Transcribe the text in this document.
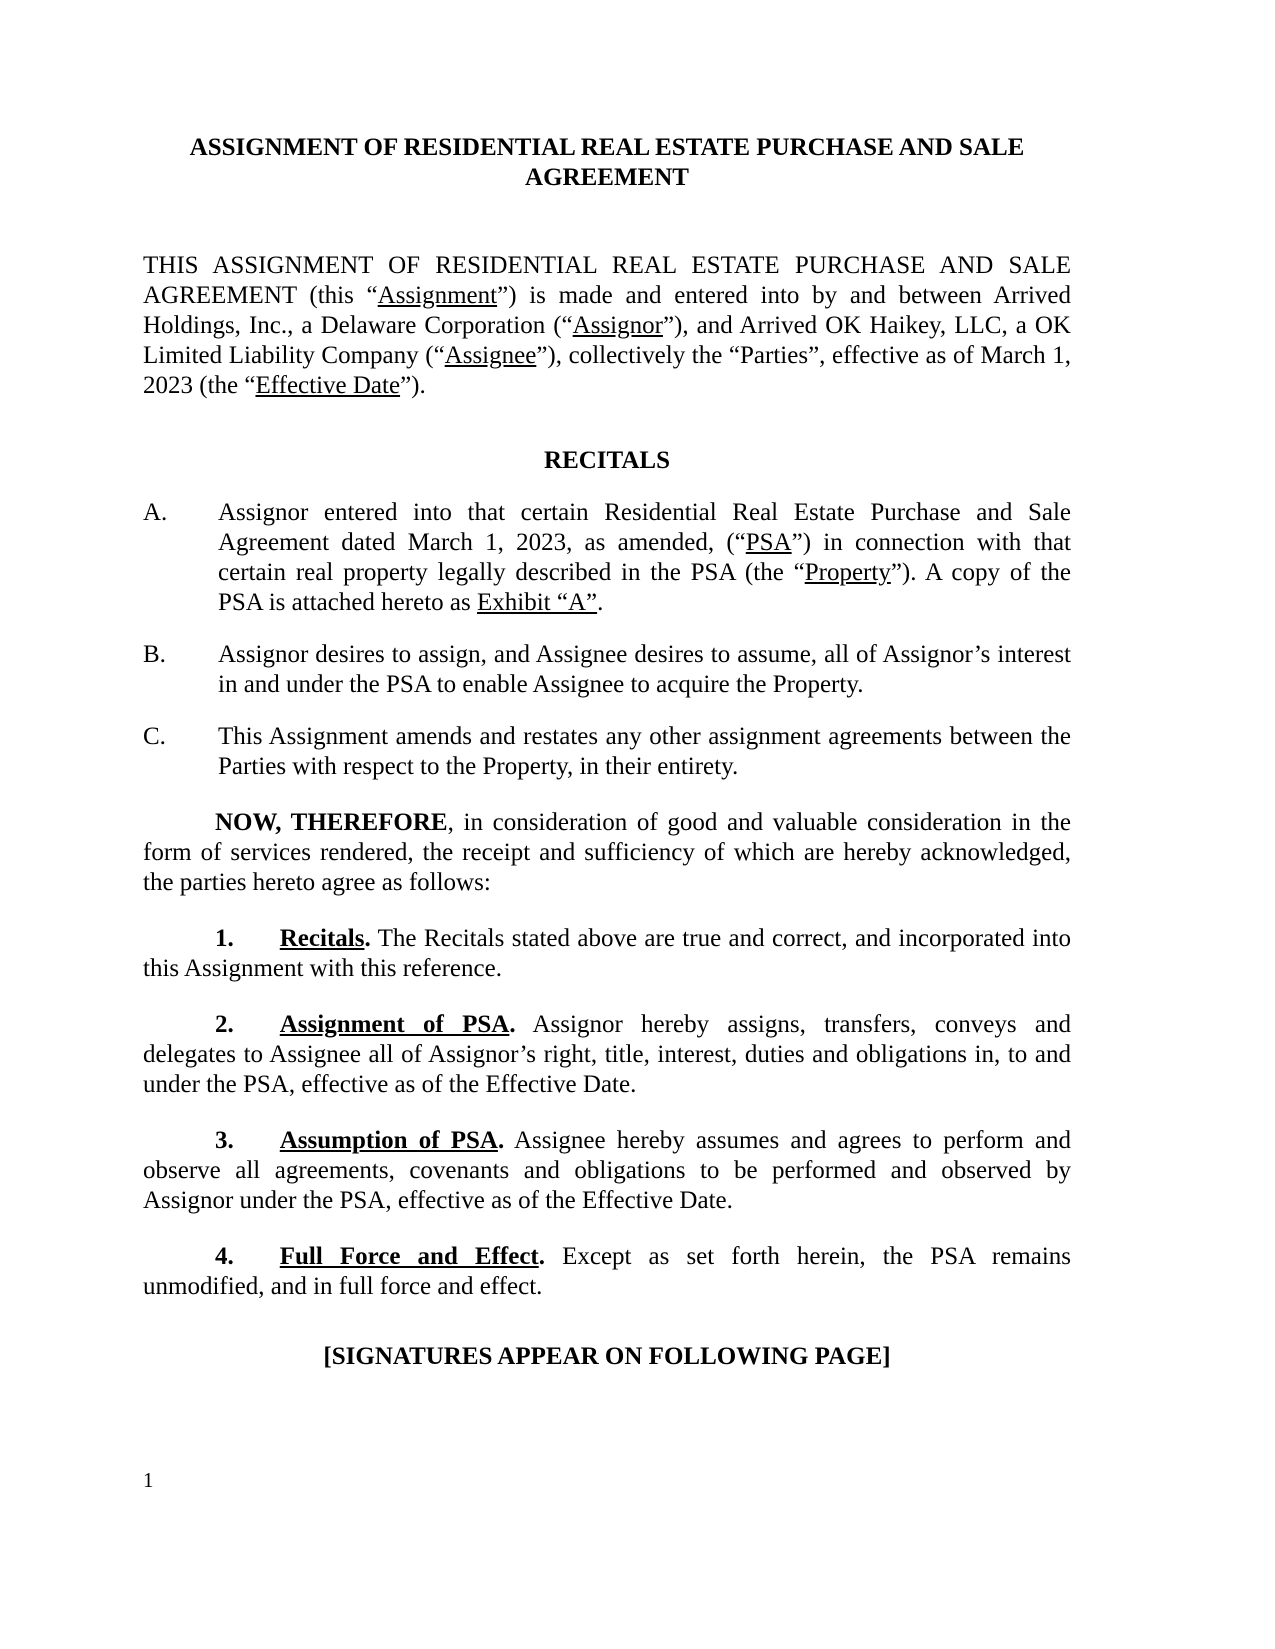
ASSIGNMENT OF RESIDENTIAL REAL ESTATE PURCHASE AND SALE AGREEMENT

THIS ASSIGNMENT OF RESIDENTIAL REAL ESTATE PURCHASE AND SALE AGREEMENT (this “Assignment”) is made and entered into by and between Arrived Holdings, Inc., a Delaware Corporation (“Assignor”), and Arrived OK Haikey, LLC, a OK Limited Liability Company (“Assignee”), collectively the “Parties”, effective as of March 1, 2023 (the “Effective Date”).

RECITALS

A. Assignor entered into that certain Residential Real Estate Purchase and Sale Agreement dated March 1, 2023, as amended, (“PSA”) in connection with that certain real property legally described in the PSA (the “Property”). A copy of the PSA is attached hereto as Exhibit “A”.

B. Assignor desires to assign, and Assignee desires to assume, all of Assignor’s interest in and under the PSA to enable Assignee to acquire the Property.

C. This Assignment amends and restates any other assignment agreements between the Parties with respect to the Property, in their entirety.

NOW, THEREFORE, in consideration of good and valuable consideration in the form of services rendered, the receipt and sufficiency of which are hereby acknowledged, the parties hereto agree as follows:

1. Recitals. The Recitals stated above are true and correct, and incorporated into this Assignment with this reference.

2. Assignment of PSA. Assignor hereby assigns, transfers, conveys and delegates to Assignee all of Assignor’s right, title, interest, duties and obligations in, to and under the PSA, effective as of the Effective Date.

3. Assumption of PSA. Assignee hereby assumes and agrees to perform and observe all agreements, covenants and obligations to be performed and observed by Assignor under the PSA, effective as of the Effective Date.

4. Full Force and Effect. Except as set forth herein, the PSA remains unmodified, and in full force and effect.

[SIGNATURES APPEAR ON FOLLOWING PAGE]

1
